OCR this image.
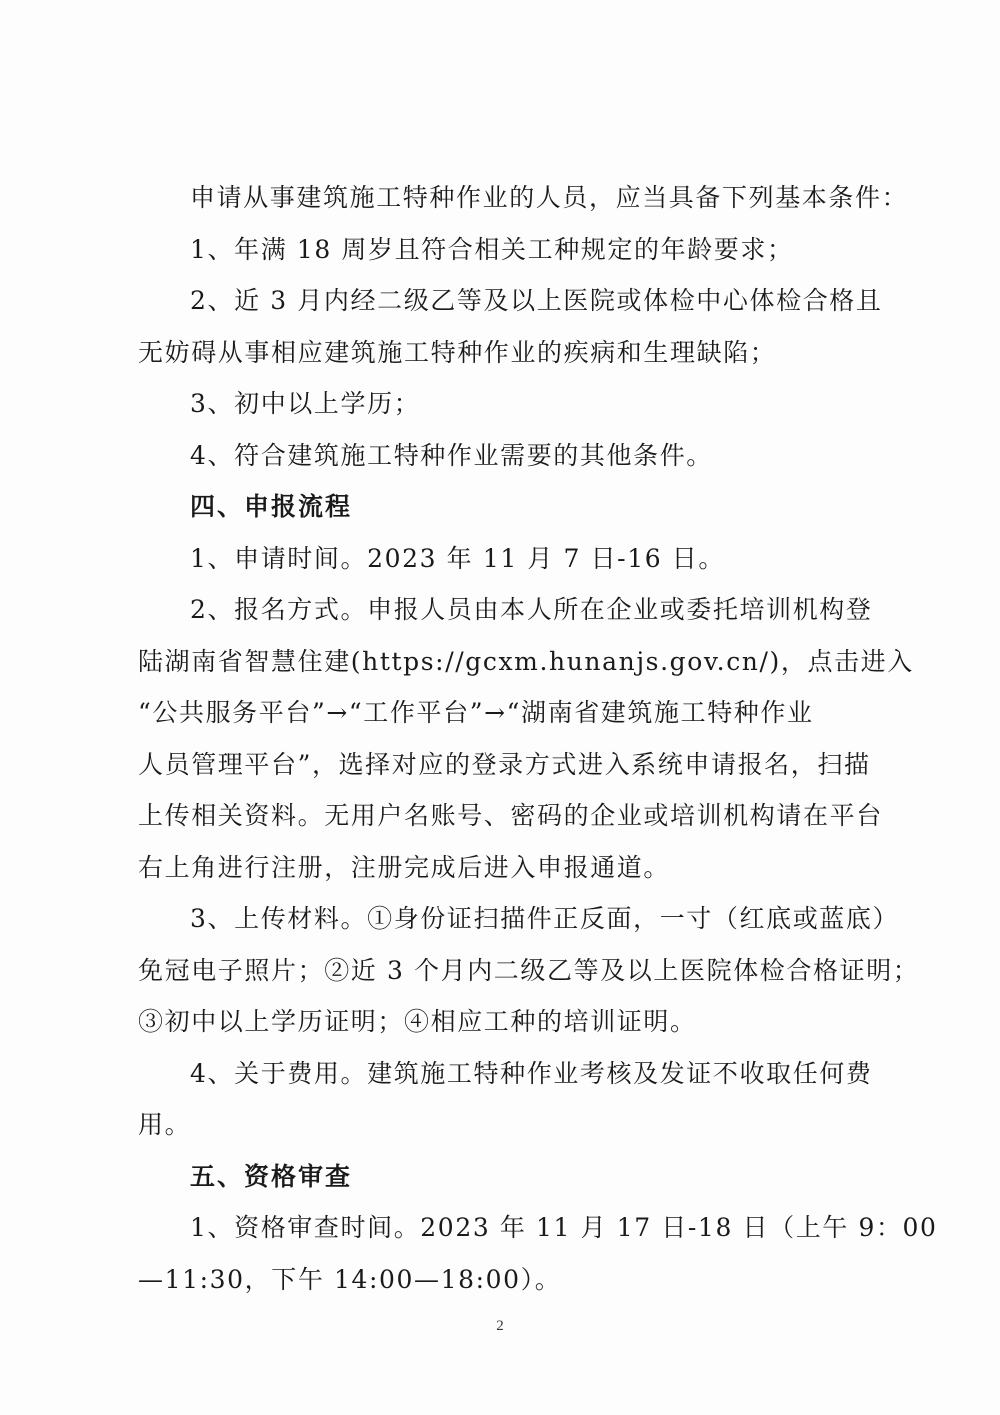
申请从事建筑施工特种作业的人员，应当具备下列基本条件：
1、年满 18 周岁且符合相关工种规定的年龄要求；
2、近 3 月内经二级乙等及以上医院或体检中心体检合格且
无妨碍从事相应建筑施工特种作业的疾病和生理缺陷；
3、初中以上学历；
4、符合建筑施工特种作业需要的其他条件。
四、申报流程
1、申请时间。2023 年 11 月 7 日-16 日。
2、报名方式。申报人员由本人所在企业或委托培训机构登
陆湖南省智慧住建(https://gcxm.hunanjs.gov.cn/)，点击进入
“公共服务平台”→“工作平台”→“湖南省建筑施工特种作业
人员管理平台”，选择对应的登录方式进入系统申请报名，扫描
上传相关资料。无用户名账号、密码的企业或培训机构请在平台
右上角进行注册，注册完成后进入申报通道。
3、上传材料。①身份证扫描件正反面，一寸（红底或蓝底）
免冠电子照片；②近 3 个月内二级乙等及以上医院体检合格证明；
③初中以上学历证明；④相应工种的培训证明。
4、关于费用。建筑施工特种作业考核及发证不收取任何费
用。
五、资格审查
1、资格审查时间。2023 年 11 月 17 日-18 日（上午 9：00
—11:30，下午 14:00—18:00）。
2
